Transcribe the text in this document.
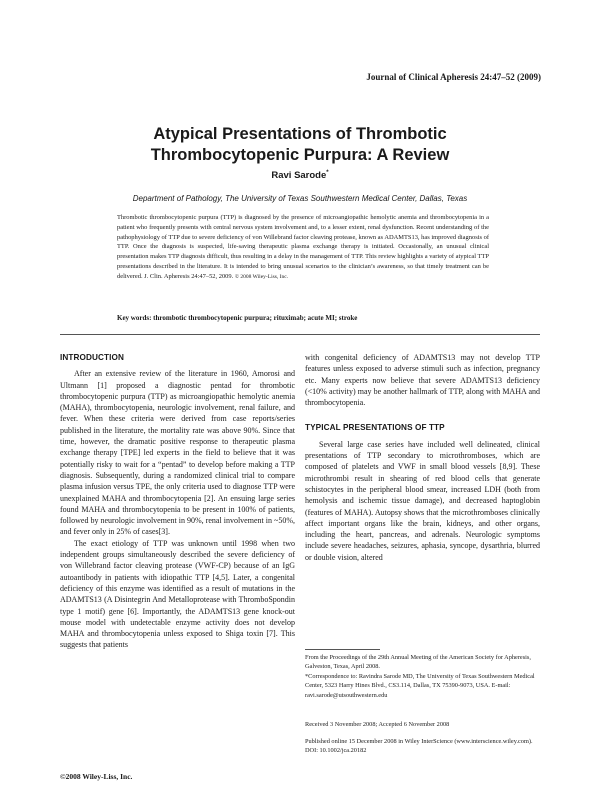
Journal of Clinical Apheresis 24:47–52 (2009)
Atypical Presentations of Thrombotic
Thrombocytopenic Purpura: A Review
Ravi Sarode*
Department of Pathology, The University of Texas Southwestern Medical Center, Dallas, Texas
Thrombotic thrombocytopenic purpura (TTP) is diagnosed by the presence of microangiopathic hemolytic anemia and thrombocytopenia in a patient who frequently presents with central nervous system involvement and, to a lesser extent, renal dysfunction. Recent understanding of the pathophysiology of TTP due to severe deficiency of von Willebrand factor cleaving protease, known as ADAMTS13, has improved diagnosis of TTP. Once the diagnosis is suspected, life-saving therapeutic plasma exchange therapy is initiated. Occasionally, an unusual clinical presentation makes TTP diagnosis difficult, thus resulting in a delay in the management of TTP. This review highlights a variety of atypical TTP presentations described in the literature. It is intended to bring unusual scenarios to the clinician’s awareness, so that timely treatment can be delivered. J. Clin. Apheresis 24:47–52, 2009. © 2008 Wiley-Liss, Inc.
Key words: thrombotic thrombocytopenic purpura; rituximab; acute MI; stroke
INTRODUCTION

After an extensive review of the literature in 1960, Amorosi and Ultmann [1] proposed a diagnostic pentad for thrombotic thrombocytopenic purpura (TTP) as microangiopathic hemolytic anemia (MAHA), thrombocytopenia, neurologic involvement, renal failure, and fever. When these criteria were derived from case reports/series published in the literature, the mortality rate was above 90%. Since that time, however, the dramatic positive response to therapeutic plasma exchange therapy [TPE] led experts in the field to believe that it was potentially risky to wait for a “pentad” to develop before making a TTP diagnosis. Subsequently, during a randomized clinical trial to compare plasma infusion versus TPE, the only criteria used to diagnose TTP were unexplained MAHA and thrombocytopenia [2]. An ensuing large series found MAHA and thrombocytopenia to be present in 100% of patients, followed by neurologic involvement in 90%, renal involvement in ~50%, and fever only in 25% of cases[3].

The exact etiology of TTP was unknown until 1998 when two independent groups simultaneously described the severe deficiency of von Willebrand factor cleaving protease (VWF-CP) because of an IgG autoantibody in patients with idiopathic TTP [4,5]. Later, a congenital deficiency of this enzyme was identified as a result of mutations in the ADAMTS13 (A Disintegrin And Metalloprotease with ThromboSpondin type 1 motif) gene [6]. Importantly, the ADAMTS13 gene knock-out mouse model with undetectable enzyme activity does not develop MAHA and thrombocytopenia unless exposed to Shiga toxin [7]. This suggests that patients

with congenital deficiency of ADAMTS13 may not develop TTP features unless exposed to adverse stimuli such as infection, pregnancy etc. Many experts now believe that severe ADAMTS13 deficiency (<10% activity) may be another hallmark of TTP, along with MAHA and thrombocytopenia.

TYPICAL PRESENTATIONS OF TTP

Several large case series have included well delineated, clinical presentations of TTP secondary to microthromboses, which are composed of platelets and VWF in small blood vessels [8,9]. These microthrombi result in shearing of red blood cells that generate schistocytes in the peripheral blood smear, increased LDH (both from hemolysis and ischemic tissue damage), and decreased haptoglobin (features of MAHA). Autopsy shows that the microthromboses clinically affect important organs like the brain, kidneys, and other organs, including the heart, pancreas, and adrenals. Neurologic symptoms include severe headaches, seizures, aphasia, syncope, dysarthria, blurred or double vision, altered

From the Proceedings of the 29th Annual Meeting of the American Society for Apheresis, Galveston, Texas, April 2008.
*Correspondence to: Ravindra Sarode MD, The University of Texas Southwestern Medical Center, 5323 Harry Hines Blvd., CS3.114, Dallas, TX 75390-9073, USA. E-mail: ravi.sarode@utsouthwestern.edu
Received 3 November 2008; Accepted 6 November 2008
Published online 15 December 2008 in Wiley InterScience (www.interscience.wiley.com). DOI: 10.1002/jca.20182
©2008 Wiley-Liss, Inc.
